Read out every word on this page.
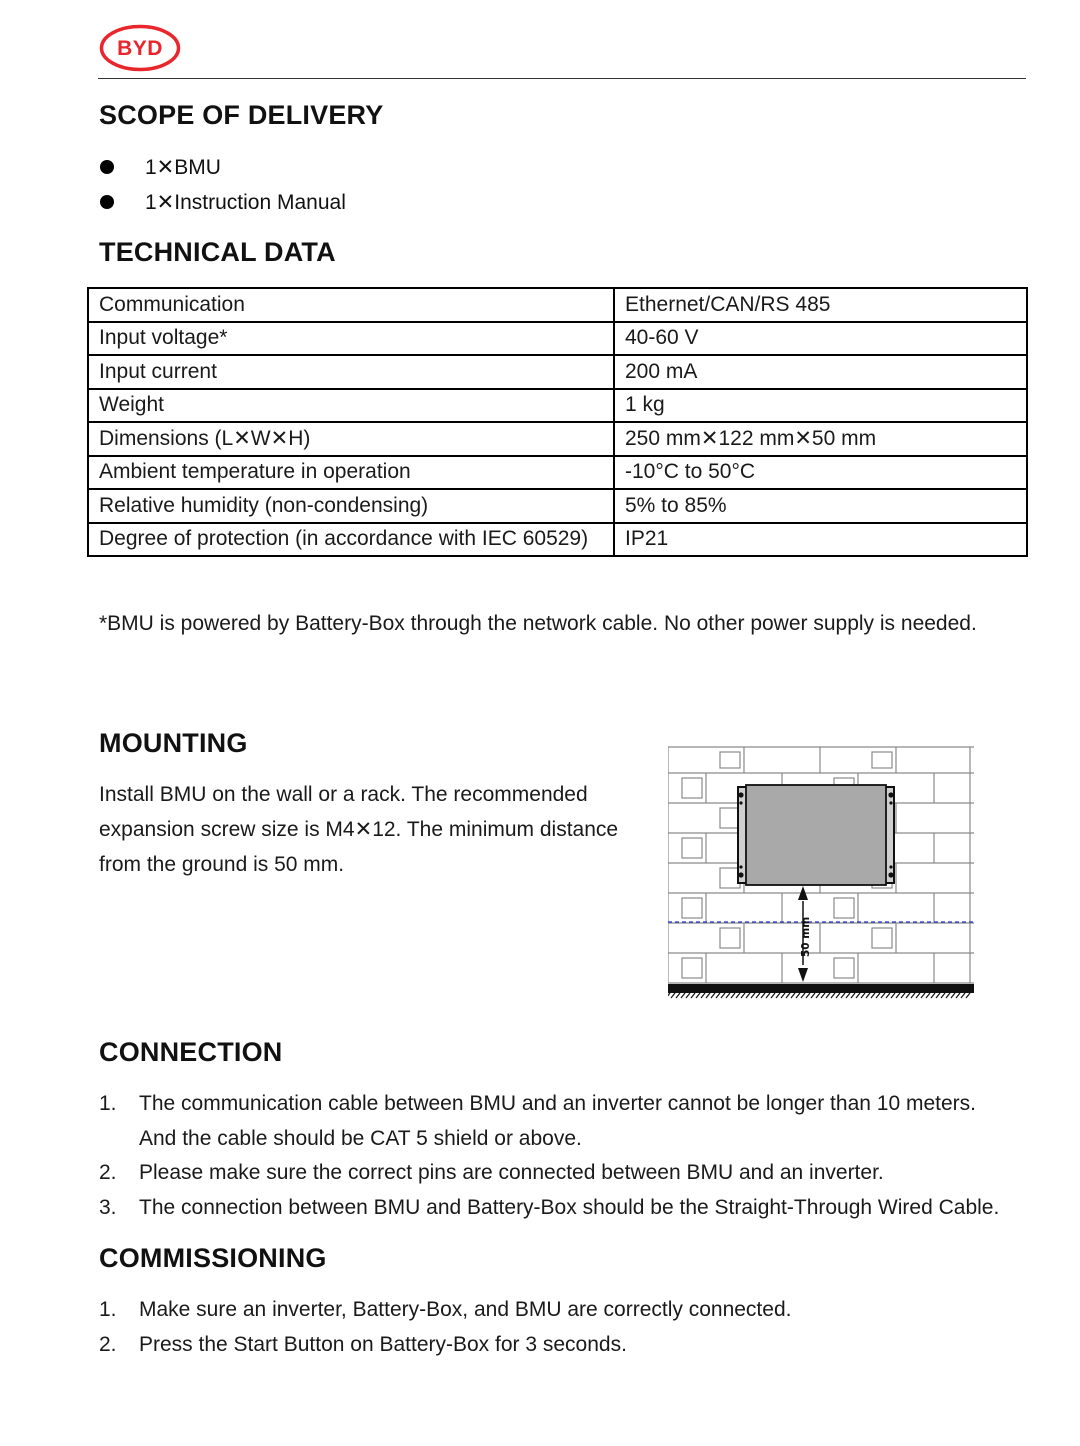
BYD
SCOPE OF DELIVERY
1✕BMU
1✕Instruction Manual
TECHNICAL DATA
Communication	Ethernet/CAN/RS 485
Input voltage*	40-60 V
Input current	200 mA
Weight	1 kg
Dimensions (L✕W✕H)	250 mm✕122 mm✕50 mm
Ambient temperature in operation	-10°C to 50°C
Relative humidity (non-condensing)	5% to 85%
Degree of protection (in accordance with IEC 60529)	IP21
*BMU is powered by Battery-Box through the network cable. No other power supply is needed.
MOUNTING
Install BMU on the wall or a rack. The recommended
expansion screw size is M4✕12. The minimum distance
from the ground is 50 mm.
50 mm
CONNECTION
1. The communication cable between BMU and an inverter cannot be longer than 10 meters.
And the cable should be CAT 5 shield or above.
2. Please make sure the correct pins are connected between BMU and an inverter.
3. The connection between BMU and Battery-Box should be the Straight-Through Wired Cable.
COMMISSIONING
1. Make sure an inverter, Battery-Box, and BMU are correctly connected.
2. Press the Start Button on Battery-Box for 3 seconds.
